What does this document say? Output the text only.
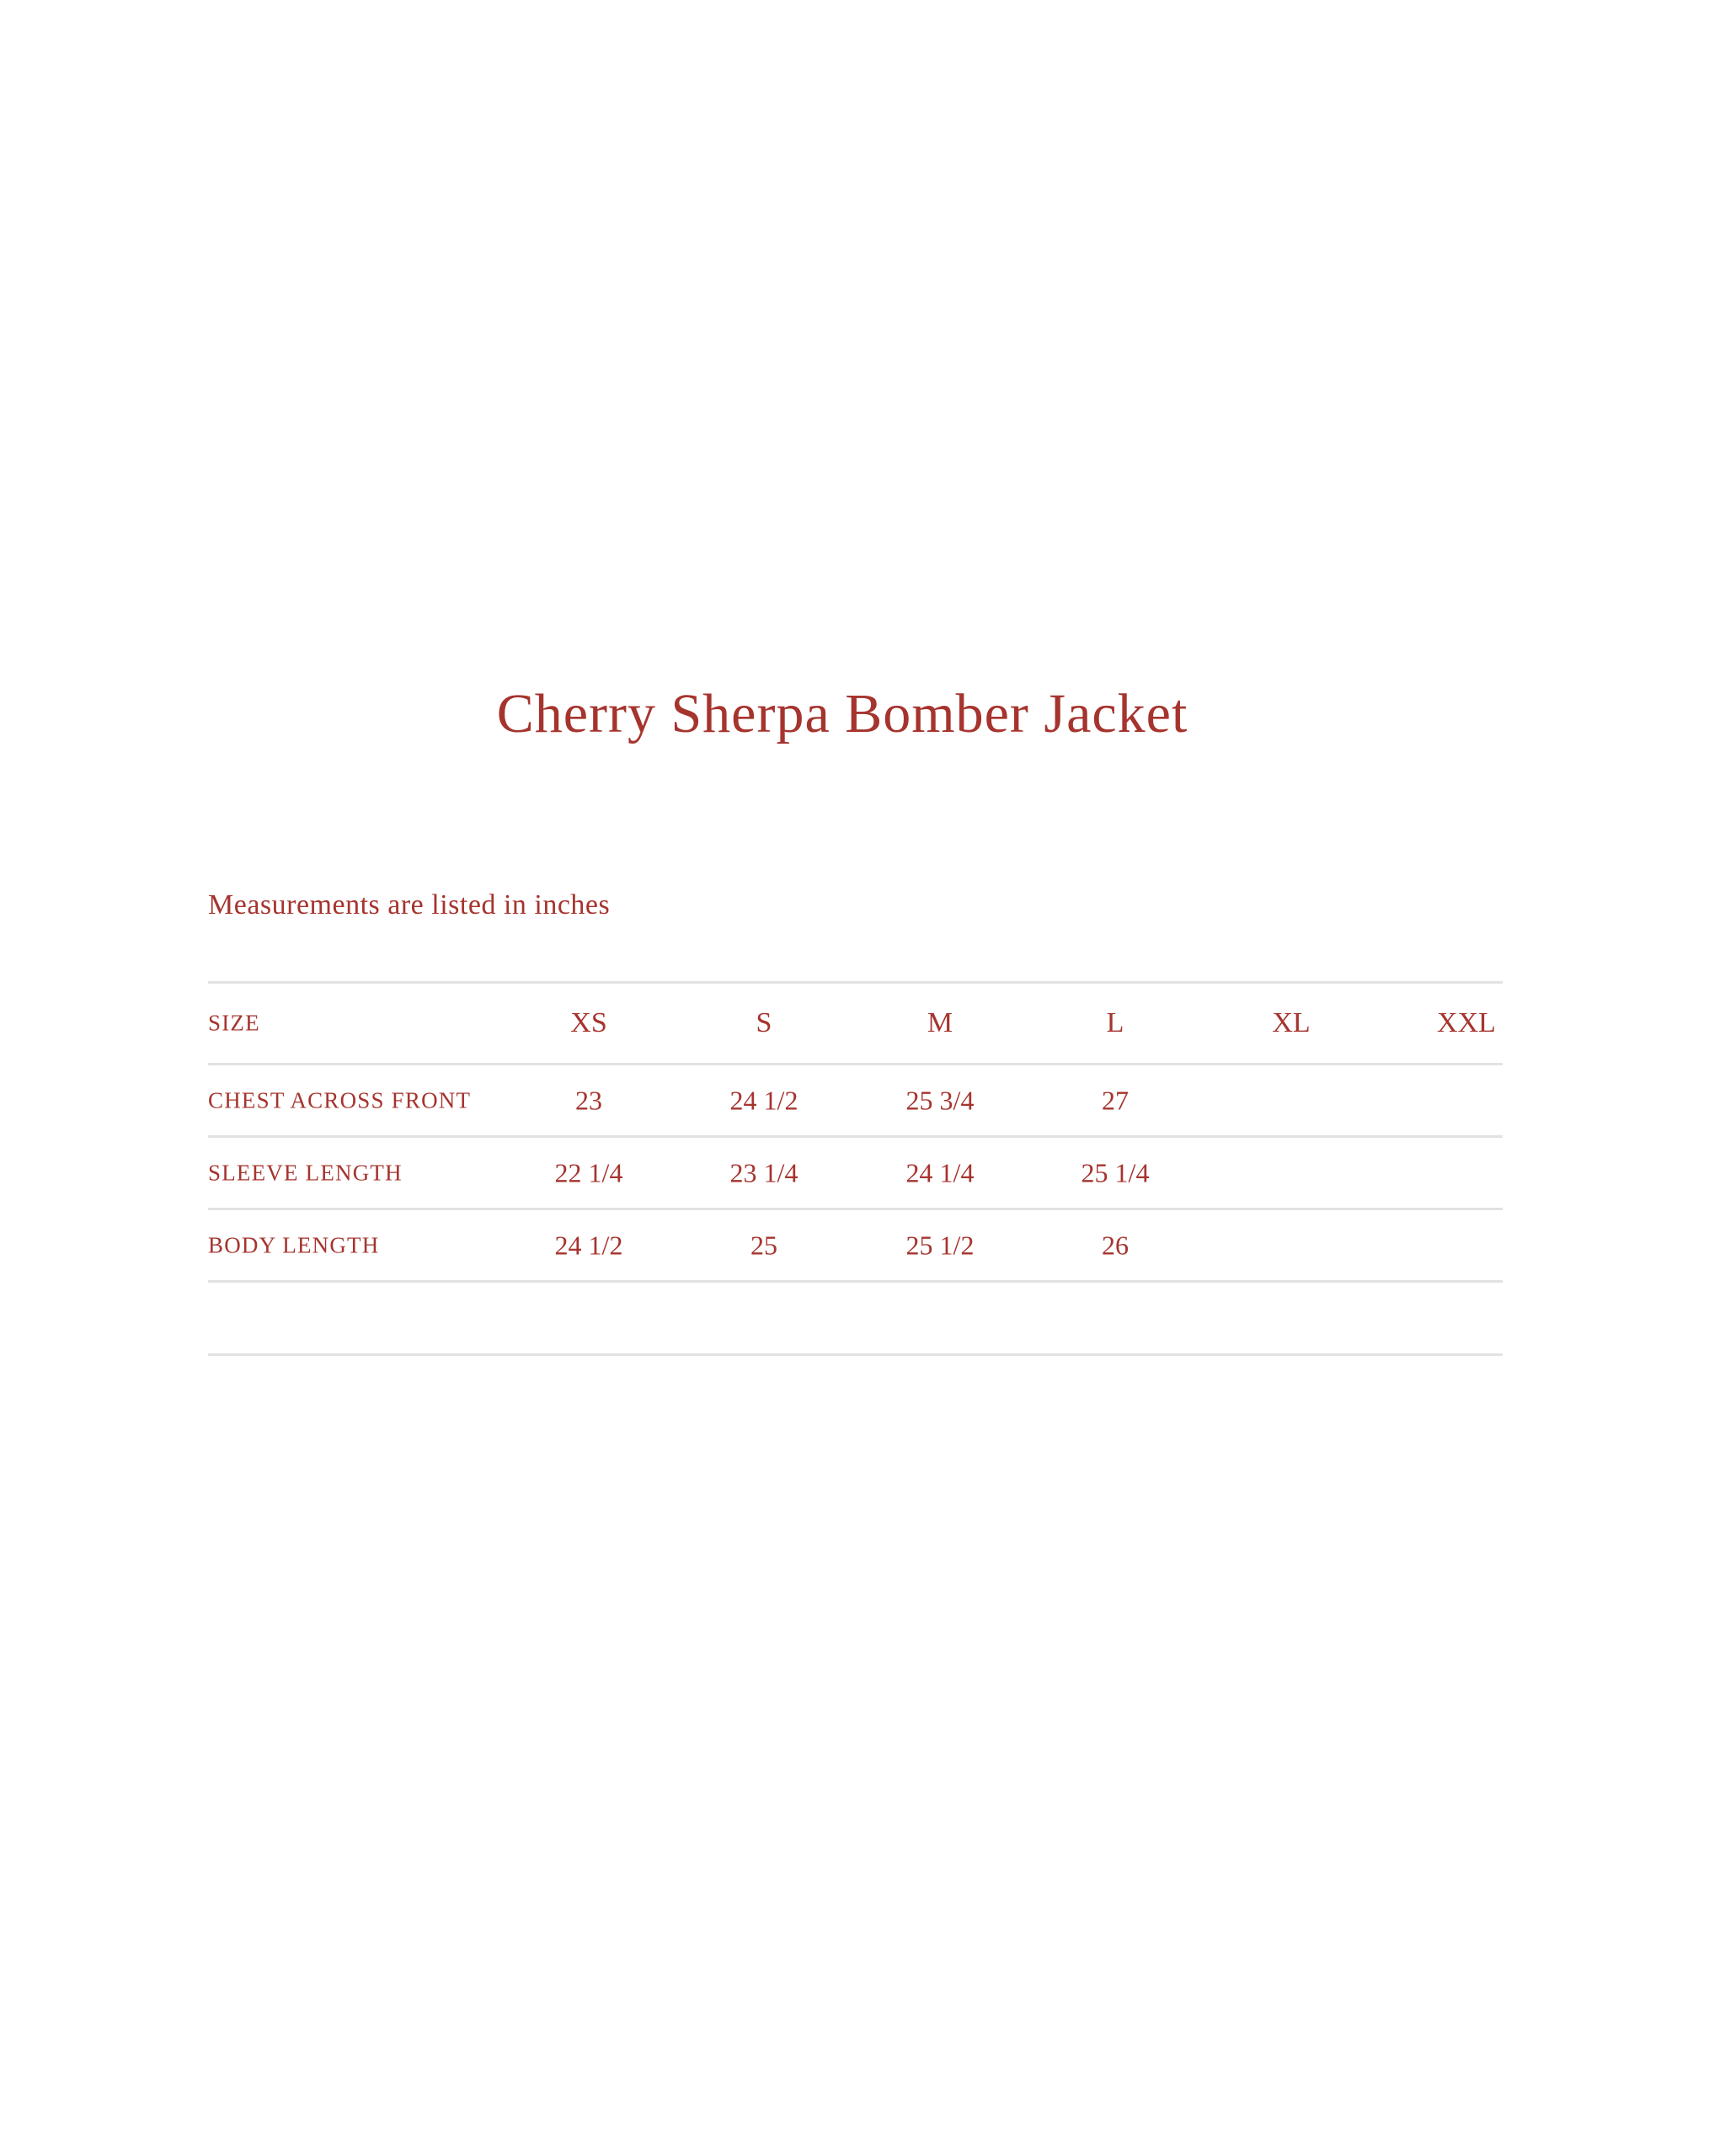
Cherry Sherpa Bomber Jacket
Measurements are listed in inches
SIZE	XS	S	M	L	XL	XXL
CHEST ACROSS FRONT	23	24 1/2	25 3/4	27
SLEEVE LENGTH	22 1/4	23 1/4	24 1/4	25 1/4
BODY LENGTH	24 1/2	25	25 1/2	26
